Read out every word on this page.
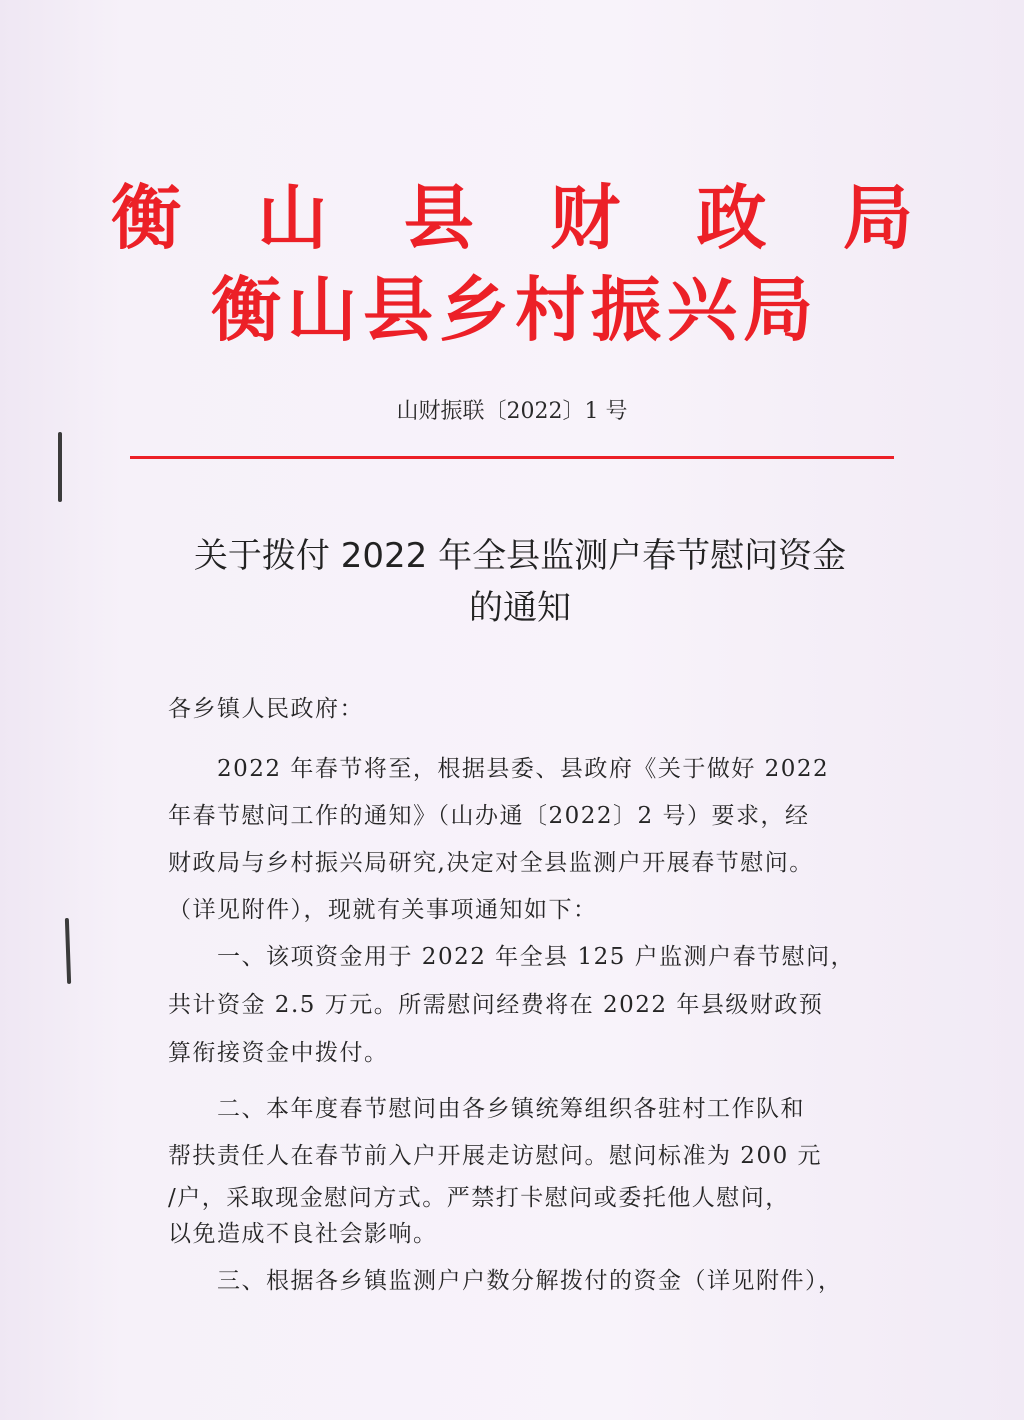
衡 山 县 财 政 局
衡山县乡村振兴局
山财振联〔2022〕1 号
关于拨付 2022 年全县监测户春节慰问资金
的通知
各乡镇人民政府：
　　2022 年春节将至，根据县委、县政府《关于做好 2022
年春节慰问工作的通知》（山办通〔2022〕2 号）要求，经
财政局与乡村振兴局研究,决定对全县监测户开展春节慰问。
（详见附件），现就有关事项通知如下：
　　一、该项资金用于 2022 年全县 125 户监测户春节慰问，
共计资金 2.5 万元。所需慰问经费将在 2022 年县级财政预
算衔接资金中拨付。
　　二、本年度春节慰问由各乡镇统筹组织各驻村工作队和
帮扶责任人在春节前入户开展走访慰问。慰问标准为 200 元
/户，采取现金慰问方式。严禁打卡慰问或委托他人慰问，
以免造成不良社会影响。
　　三、根据各乡镇监测户户数分解拨付的资金（详见附件），
